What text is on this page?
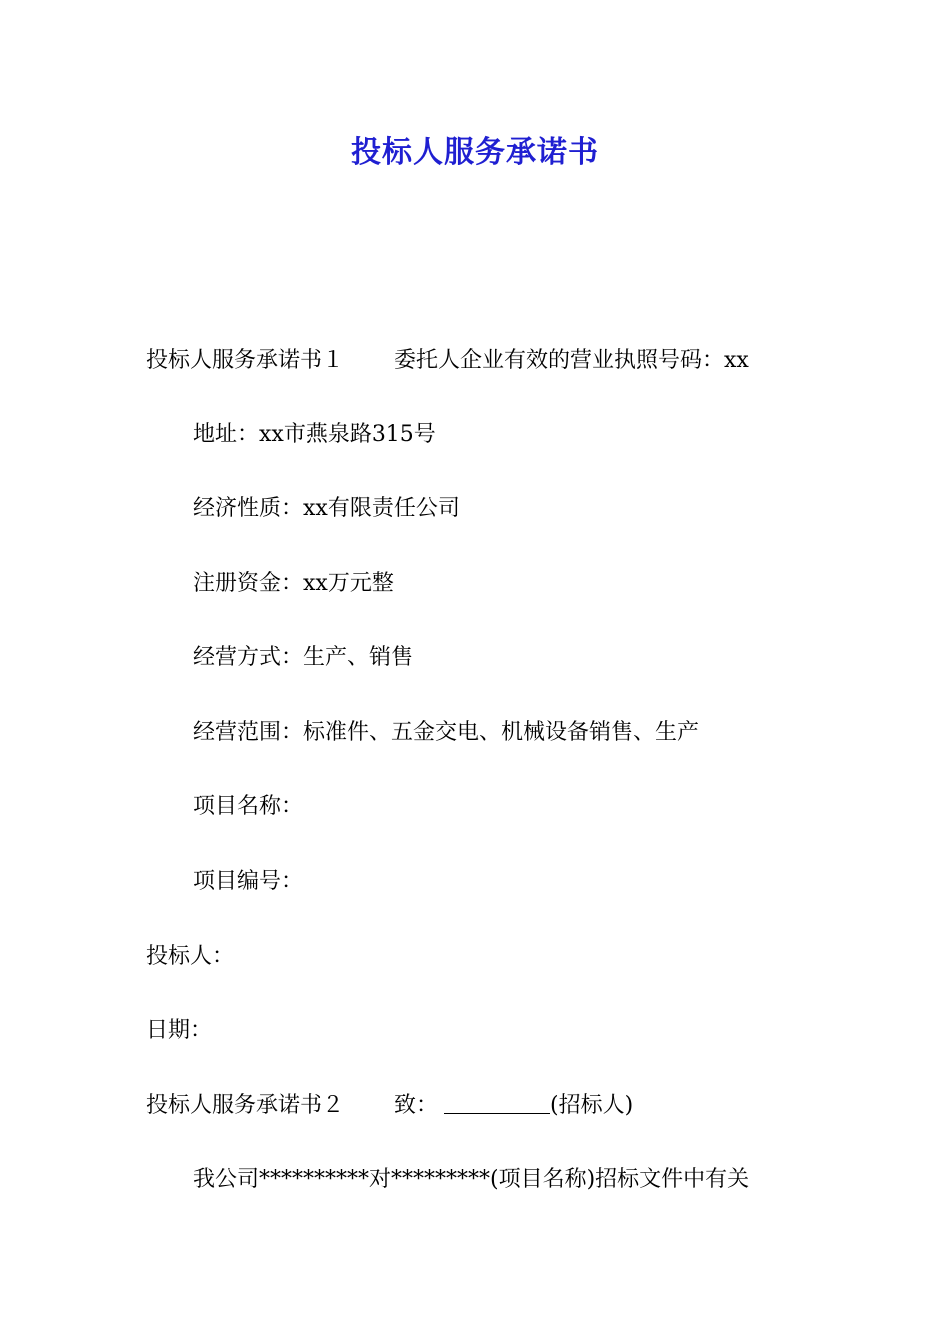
投标人服务承诺书
投标人服务承诺书１ 委托人企业有效的营业执照号码：xx
地址：xx市燕泉路315号
经济性质：xx有限责任公司
注册资金：xx万元整
经营方式：生产、销售
经营范围：标准件、五金交电、机械设备销售、生产
项目名称：
项目编号：
投标人：
日期：
投标人服务承诺书２ 致：	(招标人)
我公司**********对*********(项目名称)招标文件中有关
